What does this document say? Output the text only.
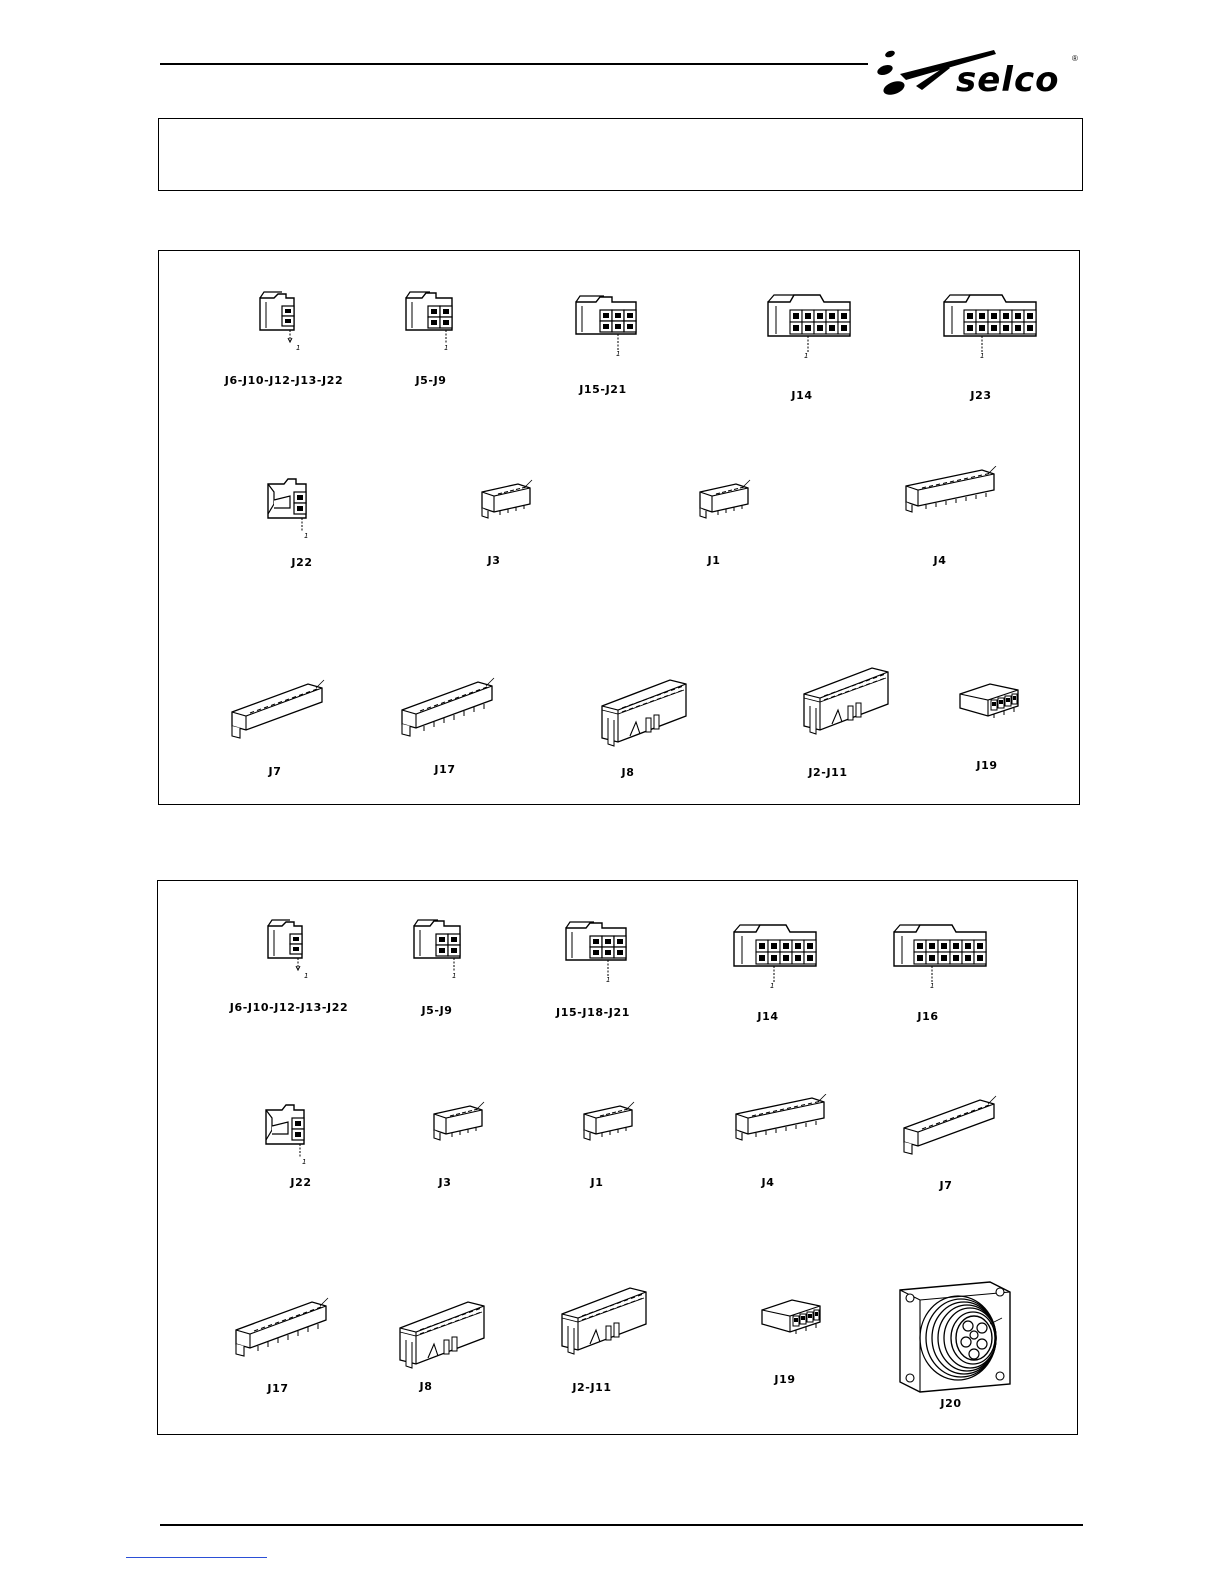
selco
®
1
J6-J10-J12-J13-J22
1
J5-J9
1
J15-J21
1
J14
1
J23
1
J22	J3	J1	J4
J7	J17	J8	J2-J11
J19
1
J6-J10-J12-J13-J22
1
J5-J9
1
J15-J18-J21
1
J14
1
J16
1
J22	J3	J1	J4	J7
J17	J8	J2-J11
J19
J20
